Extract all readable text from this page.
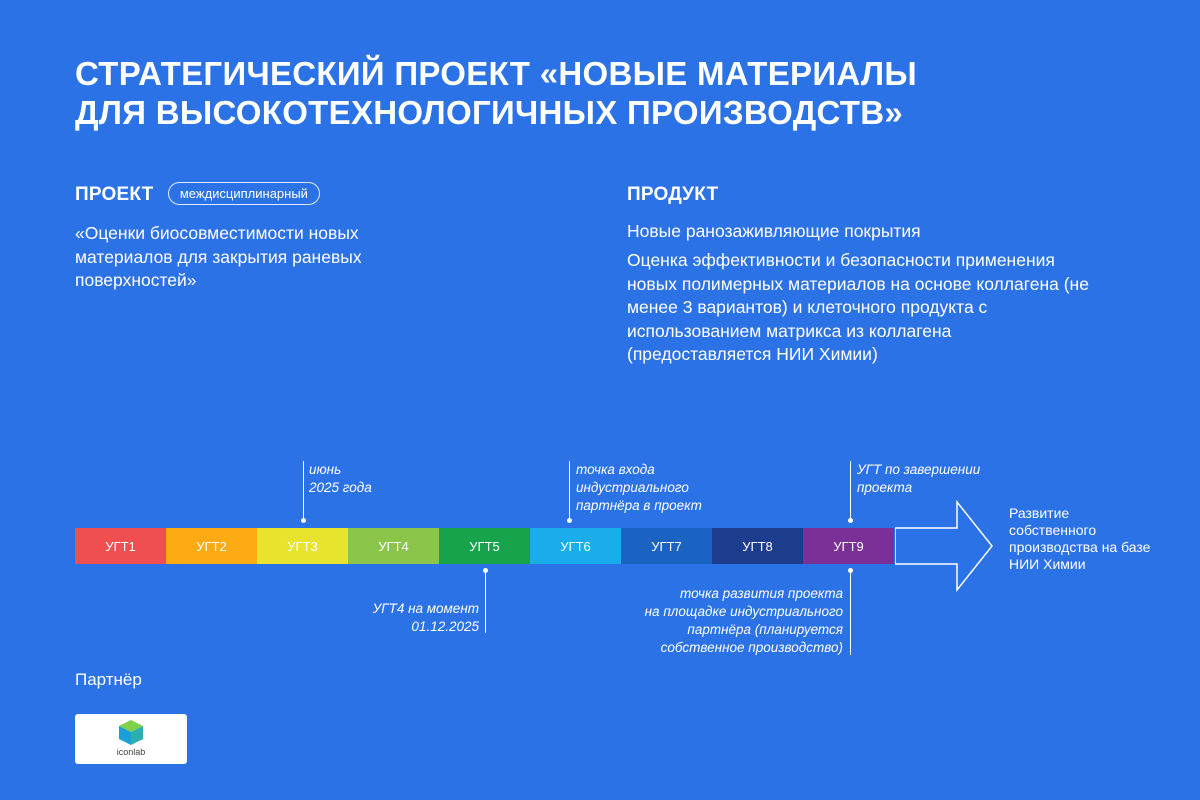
СТРАТЕГИЧЕСКИЙ ПРОЕКТ «НОВЫЕ МАТЕРИАЛЫ
ДЛЯ ВЫСОКОТЕХНОЛОГИЧНЫХ ПРОИЗВОДСТВ»
ПРОЕКТ междисциплинарный
«Оценки биосовместимости новых материалов для закрытия раневых поверхностей»
ПРОДУКТ
Новые ранозаживляющие покрытия
Оценка эффективности и безопасности применения новых полимерных материалов на основе коллагена (не менее 3 вариантов) и клеточного продукта с использованием матрикса из коллагена (предоставляется НИИ Химии)
июнь
2025 года
точка входа
индустриального
партнёра в проект
УГТ по завершении
проекта
УГТ1	УГТ2	УГТ3	УГТ4	УГТ5	УГТ6	УГТ7	УГТ8	УГТ9
Развитие собственного производства на базе НИИ Химии
УГТ4 на момент
01.12.2025
точка развития проекта
на площадке индустриального
партнёра (планируется
собственное производство)
Партнёр
iconlab
